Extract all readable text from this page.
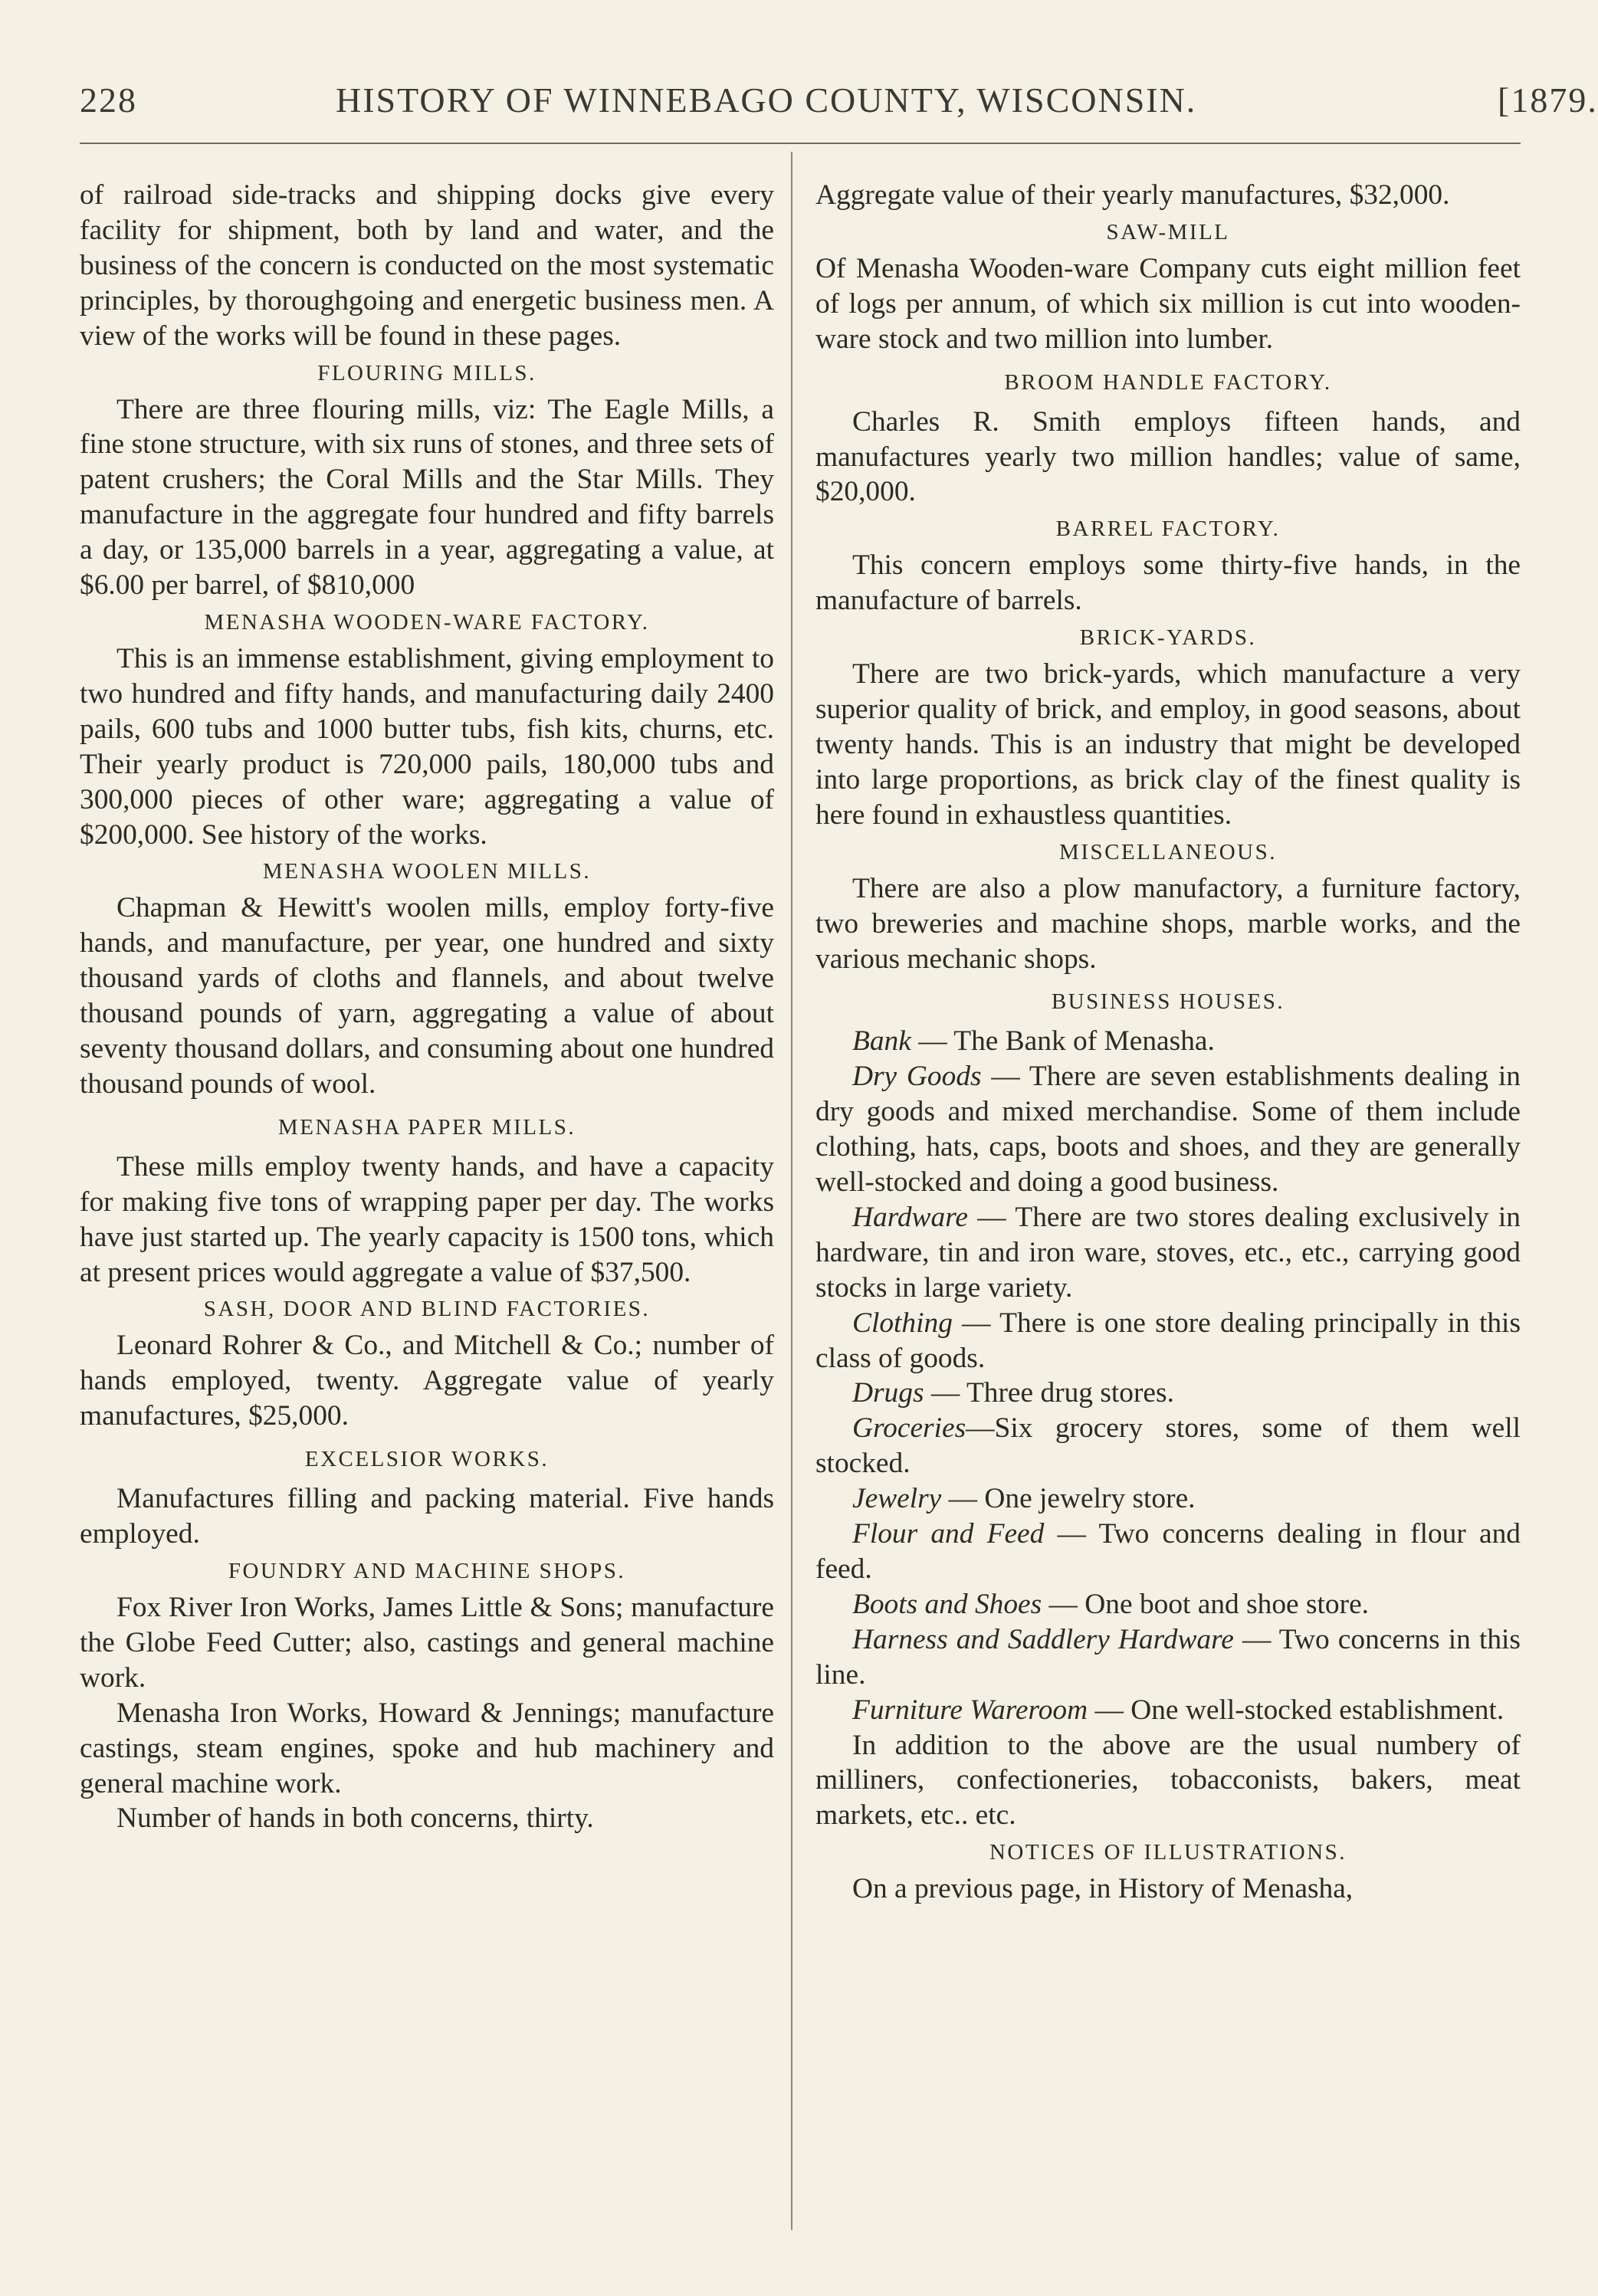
228	HISTORY OF WINNEBAGO COUNTY, WISCONSIN.	[1879.

of railroad side-tracks and shipping docks give every facility for shipment, both by land and water, and the business of the concern is conducted on the most systematic principles, by thoroughgoing and energetic business men. A view of the works will be found in these pages.

FLOURING MILLS.

There are three flouring mills, viz: The Eagle Mills, a fine stone structure, with six runs of stones, and three sets of patent crushers; the Coral Mills and the Star Mills. They manufacture in the aggregate four hundred and fifty barrels a day, or 135,000 barrels in a year, aggregating a value, at $6.00 per barrel, of $810,000

MENASHA WOODEN-WARE FACTORY.

This is an immense establishment, giving employment to two hundred and fifty hands, and manufacturing daily 2400 pails, 600 tubs and 1000 butter tubs, fish kits, churns, etc. Their yearly product is 720,000 pails, 180,000 tubs and 300,000 pieces of other ware; aggregating a value of $200,000. See history of the works.

MENASHA WOOLEN MILLS.

Chapman & Hewitt's woolen mills, employ forty-five hands, and manufacture, per year, one hundred and sixty thousand yards of cloths and flannels, and about twelve thousand pounds of yarn, aggregating a value of about seventy thousand dollars, and consuming about one hundred thousand pounds of wool.

MENASHA PAPER MILLS.

These mills employ twenty hands, and have a capacity for making five tons of wrapping paper per day. The works have just started up. The yearly capacity is 1500 tons, which at present prices would aggregate a value of $37,500.

SASH, DOOR AND BLIND FACTORIES.

Leonard Rohrer & Co., and Mitchell & Co.; number of hands employed, twenty. Aggregate value of yearly manufactures, $25,000.

EXCELSIOR WORKS.

Manufactures filling and packing material. Five hands employed.

FOUNDRY AND MACHINE SHOPS.

Fox River Iron Works, James Little & Sons; manufacture the Globe Feed Cutter; also, castings and general machine work.

Menasha Iron Works, Howard & Jennings; manufacture castings, steam engines, spoke and hub machinery and general machine work.

Number of hands in both concerns, thirty.

Aggregate value of their yearly manufactures, $32,000.

SAW-MILL

Of Menasha Wooden-ware Company cuts eight million feet of logs per annum, of which six million is cut into wooden-ware stock and two million into lumber.

BROOM HANDLE FACTORY.

Charles R. Smith employs fifteen hands, and manufactures yearly two million handles; value of same, $20,000.

BARREL FACTORY.

This concern employs some thirty-five hands, in the manufacture of barrels.

BRICK-YARDS.

There are two brick-yards, which manufacture a very superior quality of brick, and employ, in good seasons, about twenty hands. This is an industry that might be developed into large proportions, as brick clay of the finest quality is here found in exhaustless quantities.

MISCELLANEOUS.

There are also a plow manufactory, a furniture factory, two breweries and machine shops, marble works, and the various mechanic shops.

BUSINESS HOUSES.

Bank — The Bank of Menasha.

Dry Goods — There are seven establishments dealing in dry goods and mixed merchandise. Some of them include clothing, hats, caps, boots and shoes, and they are generally well-stocked and doing a good business.

Hardware — There are two stores dealing exclusively in hardware, tin and iron ware, stoves, etc., etc., carrying good stocks in large variety.

Clothing — There is one store dealing principally in this class of goods.

Drugs — Three drug stores.

Groceries—Six grocery stores, some of them well stocked.

Jewelry — One jewelry store.

Flour and Feed — Two concerns dealing in flour and feed.

Boots and Shoes — One boot and shoe store.

Harness and Saddlery Hardware — Two concerns in this line.

Furniture Wareroom — One well-stocked establishment.

In addition to the above are the usual numbery of milliners, confectioneries, tobacconists, bakers, meat markets, etc.. etc.

NOTICES OF ILLUSTRATIONS.

On a previous page, in History of Menasha,
